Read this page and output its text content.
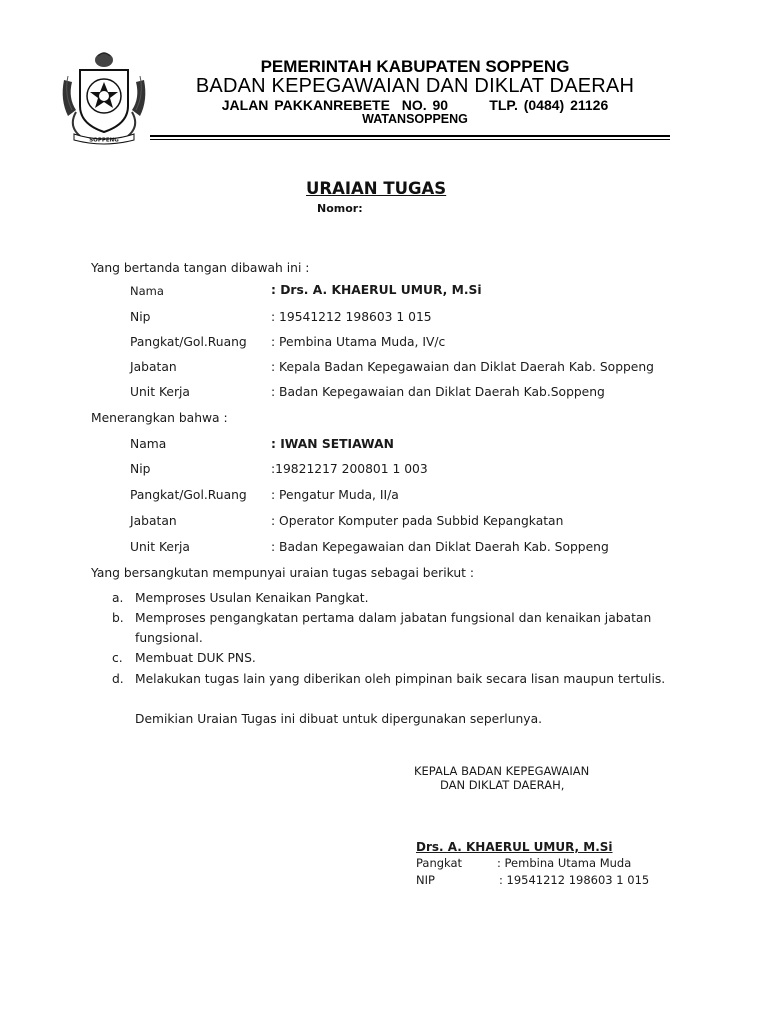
SOPPENG
PEMERINTAH KABUPATEN SOPPENG
BADAN KEPEGAWAIAN DAN DIKLAT DAERAH
JALAN PAKKANREBETE  NO. 90       TLP. (0484) 21126
WATANSOPPENG
URAIAN TUGAS
Nomor:
Yang bertanda tangan dibawah ini :
Nama	: Drs. A. KHAERUL UMUR, M.Si
Nip	: 19541212 198603 1 015
Pangkat/Gol.Ruang : Pembina Utama Muda, IV/c
Jabatan	: Kepala Badan Kepegawaian dan Diklat Daerah Kab. Soppeng
Unit Kerja	: Badan Kepegawaian dan Diklat Daerah Kab.Soppeng
Menerangkan bahwa :
Nama	: IWAN SETIAWAN
Nip	:19821217 200801 1 003
Pangkat/Gol.Ruang : Pengatur Muda, II/a
Jabatan	: Operator Komputer pada Subbid Kepangkatan
Unit Kerja	: Badan Kepegawaian dan Diklat Daerah Kab. Soppeng
Yang bersangkutan mempunyai uraian tugas sebagai berikut :
a. Memproses Usulan Kenaikan Pangkat.
b. Memproses pengangkatan pertama dalam jabatan fungsional dan kenaikan jabatan
fungsional.
c. Membuat DUK PNS.
d. Melakukan tugas lain yang diberikan oleh pimpinan baik secara lisan maupun tertulis.
Demikian Uraian Tugas ini dibuat untuk dipergunakan seperlunya.
KEPALA BADAN KEPEGAWAIAN
DAN DIKLAT DAERAH,
Drs. A. KHAERUL UMUR, M.Si
Pangkat	: Pembina Utama Muda
NIP	: 19541212 198603 1 015
